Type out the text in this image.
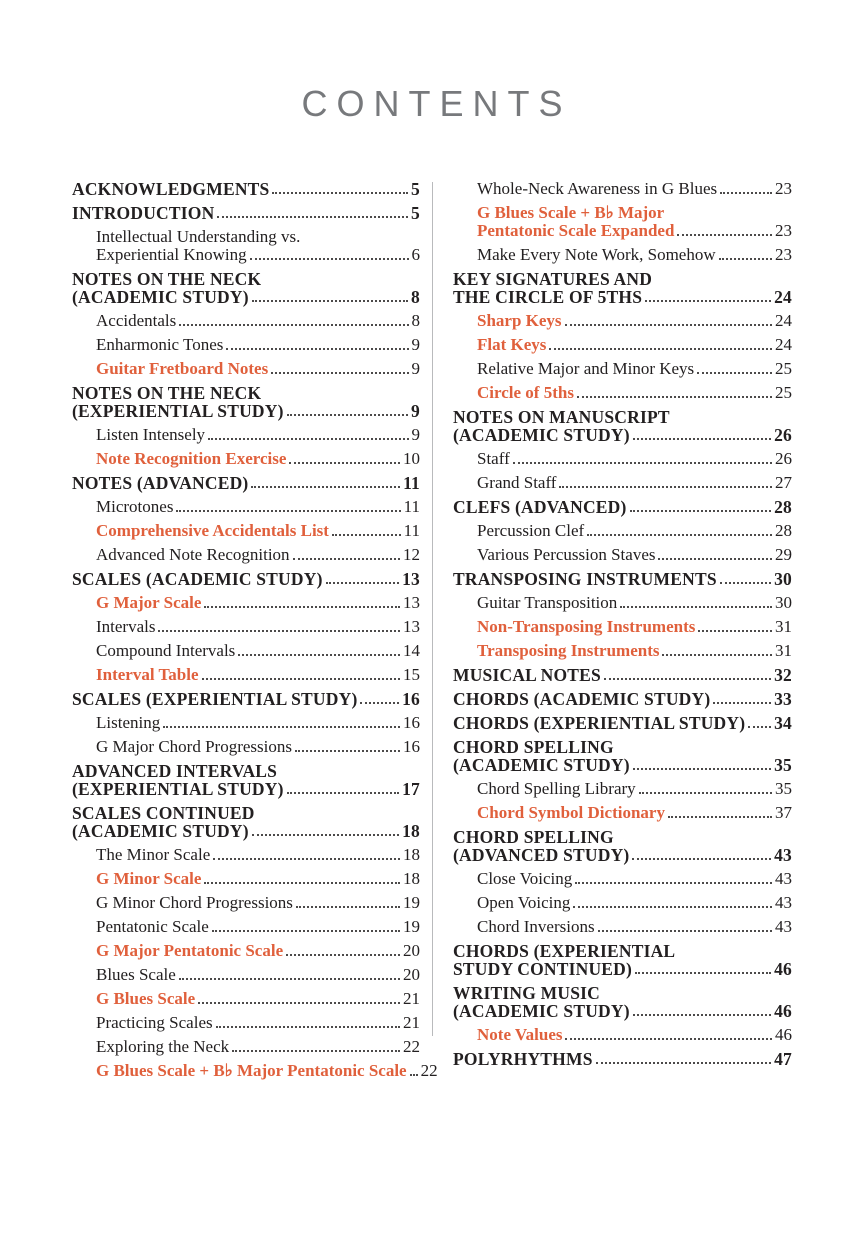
CONTENTS
ACKNOWLEDGMENTS	5
INTRODUCTION	5
Intellectual Understanding vs.
Experiential Knowing	6
NOTES ON THE NECK
(ACADEMIC STUDY)	8
Accidentals	8
Enharmonic Tones	9
Guitar Fretboard Notes	9
NOTES ON THE NECK
(EXPERIENTIAL STUDY)	9
Listen Intensely	9
Note Recognition Exercise	10
NOTES (ADVANCED)	11
Microtones	11
Comprehensive Accidentals List	11
Advanced Note Recognition	12
SCALES (ACADEMIC STUDY)	13
G Major Scale	13
Intervals	13
Compound Intervals	14
Interval Table	15
SCALES (EXPERIENTIAL STUDY)	16
Listening	16
G Major Chord Progressions	16
ADVANCED INTERVALS
(EXPERIENTIAL STUDY)	17
SCALES CONTINUED
(ACADEMIC STUDY)	18
The Minor Scale	18
G Minor Scale	18
G Minor Chord Progressions	19
Pentatonic Scale	19
G Major Pentatonic Scale	20
Blues Scale	20
G Blues Scale	21
Practicing Scales	21
Exploring the Neck	22
G Blues Scale + B♭ Major Pentatonic Scale 22
Whole-Neck Awareness in G Blues	23
G Blues Scale + B♭ Major
Pentatonic Scale Expanded	23
Make Every Note Work, Somehow	23
KEY SIGNATURES AND
THE CIRCLE OF 5THS	24
Sharp Keys	24
Flat Keys	24
Relative Major and Minor Keys	25
Circle of 5ths	25
NOTES ON MANUSCRIPT
(ACADEMIC STUDY)	26
Staff	26
Grand Staff	27
CLEFS (ADVANCED)	28
Percussion Clef	28
Various Percussion Staves	29
TRANSPOSING INSTRUMENTS	30
Guitar Transposition	30
Non-Transposing Instruments	31
Transposing Instruments	31
MUSICAL NOTES	32
CHORDS (ACADEMIC STUDY)	33
CHORDS (EXPERIENTIAL STUDY) 34
CHORD SPELLING
(ACADEMIC STUDY)	35
Chord Spelling Library	35
Chord Symbol Dictionary	37
CHORD SPELLING
(ADVANCED STUDY)	43
Close Voicing	43
Open Voicing	43
Chord Inversions	43
CHORDS (EXPERIENTIAL
STUDY CONTINUED)	46
WRITING MUSIC
(ACADEMIC STUDY)	46
Note Values	46
POLYRHYTHMS	47
